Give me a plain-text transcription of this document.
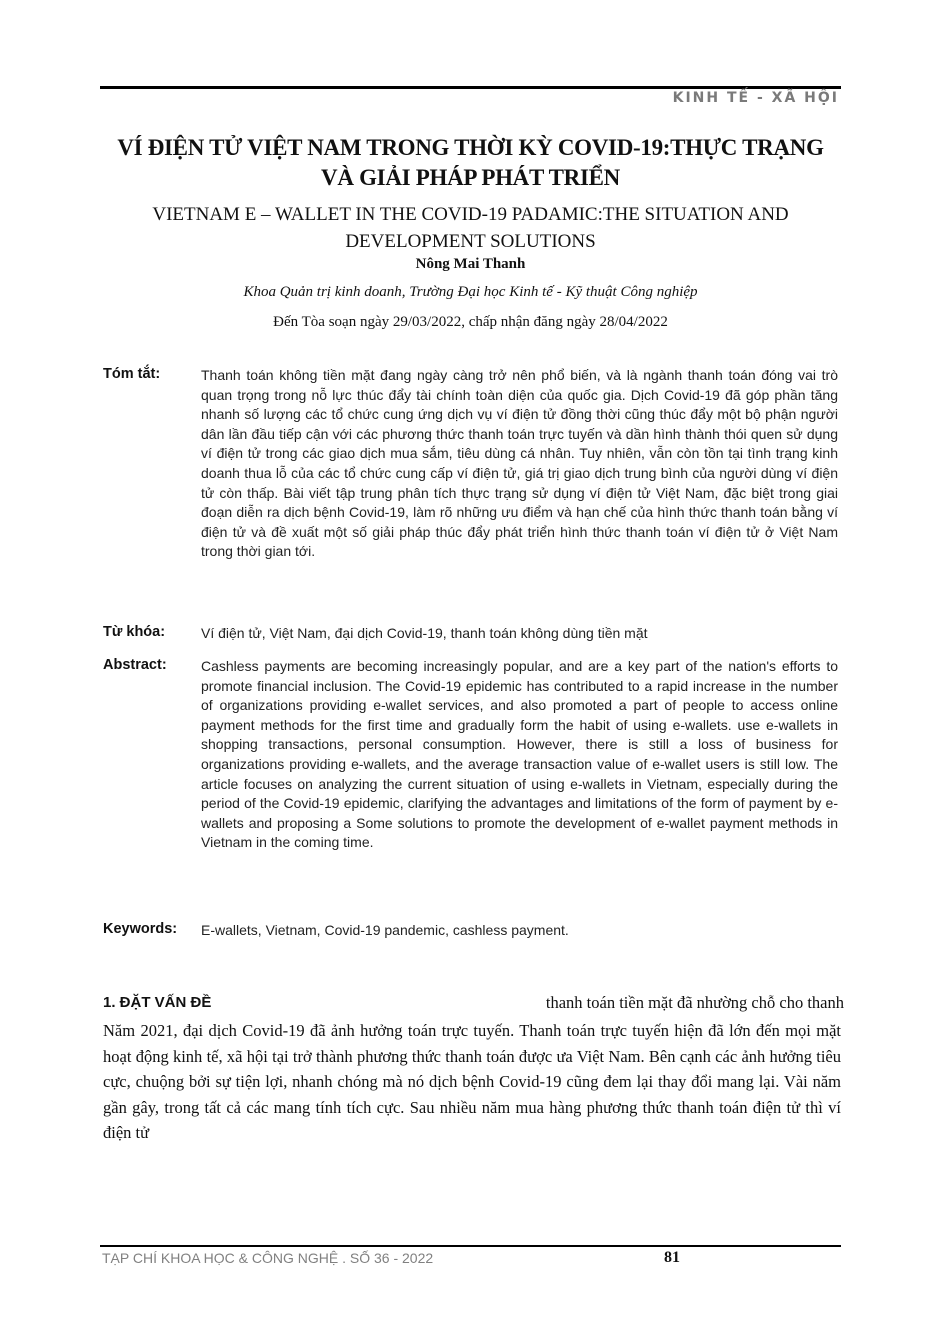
KINH TẾ - XÃ HỘI
VÍ ĐIỆN TỬ VIỆT NAM TRONG THỜI KỲ COVID-19:THỰC TRẠNG
VÀ GIẢI PHÁP PHÁT TRIỂN
VIETNAM E – WALLET IN THE COVID-19 PADAMIC:THE SITUATION AND
DEVELOPMENT SOLUTIONS
Nông Mai Thanh
Khoa Quản trị kinh doanh, Trường Đại học Kinh tế - Kỹ thuật Công nghiệp
Đến Tòa soạn ngày 29/03/2022, chấp nhận đăng ngày 28/04/2022
Tóm tắt:	Thanh toán không tiền mặt đang ngày càng trở nên phổ biến, và là ngành thanh toán đóng vai trò quan trọng trong nỗ lực thúc đẩy tài chính toàn diện của quốc gia. Dịch Covid-19 đã góp phần tăng nhanh số lượng các tổ chức cung ứng dịch vụ ví điện tử đồng thời cũng thúc đẩy một bộ phận người dân lần đầu tiếp cận với các phương thức thanh toán trực tuyến và dần hình thành thói quen sử dụng ví điện tử trong các giao dịch mua sắm, tiêu dùng cá nhân. Tuy nhiên, vẫn còn tồn tại tình trạng kinh doanh thua lỗ của các tổ chức cung cấp ví điện tử, giá trị giao dịch trung bình của người dùng ví điện tử còn thấp. Bài viết tập trung phân tích thực trạng sử dụng ví điện tử Việt Nam, đặc biệt trong giai đoạn diễn ra dịch bệnh Covid-19, làm rõ những ưu điểm và hạn chế của hình thức thanh toán bằng ví điện tử và đề xuất một số giải pháp thúc đẩy phát triển hình thức thanh toán ví điện tử ở Việt Nam trong thời gian tới.
Từ khóa:	Ví điện tử, Việt Nam, đại dịch Covid-19, thanh toán không dùng tiền mặt
Abstract: Cashless payments are becoming increasingly popular, and are a key part of the nation's efforts to promote financial inclusion. The Covid-19 epidemic has contributed to a rapid increase in the number of organizations providing e-wallet services, and also promoted a part of people to access online payment methods for the first time and gradually form the habit of using e-wallets. use e-wallets in shopping transactions, personal consumption. However, there is still a loss of business for organizations providing e-wallets, and the average transaction value of e-wallet users is still low. The article focuses on analyzing the current situation of using e-wallets in Vietnam, especially during the period of the Covid-19 epidemic, clarifying the advantages and limitations of the form of payment by e-wallets and proposing a Some solutions to promote the development of e-wallet payment methods in Vietnam in the coming time.
Keywords: E-wallets, Vietnam, Covid-19 pandemic, cashless payment.
1. ĐẶT VẤN ĐỀ	thanh toán tiền mặt đã nhường chỗ cho thanh
Năm 2021, đại dịch Covid-19 đã ảnh hưởng toán trực tuyến. Thanh toán trực tuyến hiện đã lớn đến mọi mặt hoạt động kinh tế, xã hội tại trở thành phương thức thanh toán được ưa Việt Nam. Bên cạnh các ảnh hưởng tiêu cực, chuộng bởi sự tiện lợi, nhanh chóng mà nó dịch bệnh Covid-19 cũng đem lại thay đổi mang lại. Vài năm gần gây, trong tất cả các mang tính tích cực. Sau nhiều năm mua hàng phương thức thanh toán điện tử thì ví điện tử
TẠP CHÍ KHOA HỌC & CÔNG NGHỆ . SỐ 36 - 2022	81
